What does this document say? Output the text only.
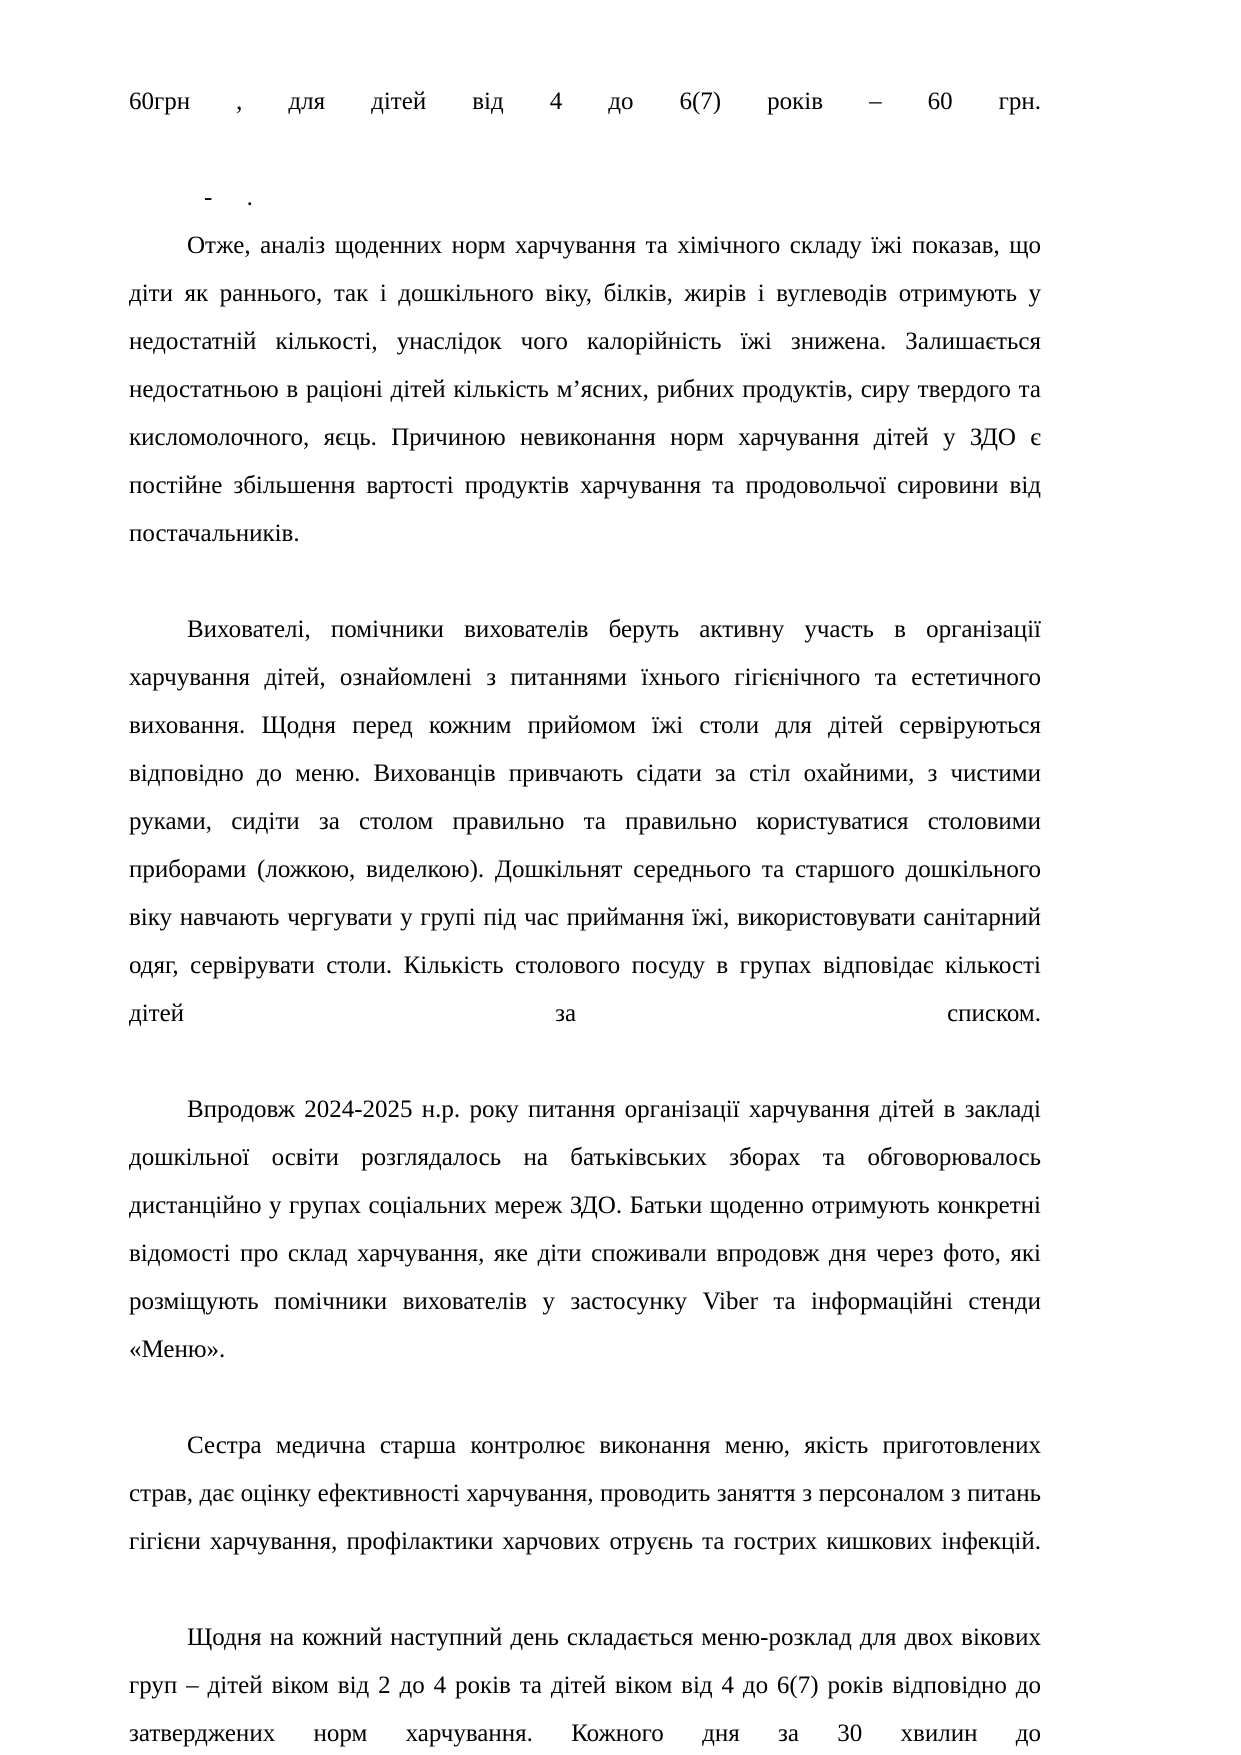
60грн , для дітей від 4 до 6(7) років – 60 грн.

- .

Отже, аналіз щоденних норм харчування та хімічного складу їжі показав, що діти як раннього, так і дошкільного віку, білків, жирів і вуглеводів отримують у недостатній кількості, унаслідок чого калорійність їжі знижена. Залишається недостатньою в раціоні дітей кількість м’ясних, рибних продуктів, сиру твердого та кисломолочного, яєць. Причиною невиконання норм харчування дітей у ЗДО є постійне збільшення вартості продуктів харчування та продовольчої сировини від постачальників.

Вихователі, помічники вихователів беруть активну участь в організації харчування дітей, ознайомлені з питаннями їхнього гігієнічного та естетичного виховання. Щодня перед кожним прийомом їжі столи для дітей сервіруються відповідно до меню. Вихованців привчають сідати за стіл охайними, з чистими руками, сидіти за столом правильно та правильно користуватися столовими приборами (ложкою, виделкою). Дошкільнят середнього та старшого дошкільного віку навчають чергувати у групі під час приймання їжі, використовувати санітарний одяг, сервірувати столи. Кількість столового посуду в групах відповідає кількості дітей за списком.

Впродовж 2024-2025 н.р. року питання організації харчування дітей в закладі дошкільної освіти розглядалось на батьківських зборах та обговорювалось дистанційно у групах соціальних мереж ЗДО. Батьки щоденно отримують конкретні відомості про склад харчування, яке діти споживали впродовж дня через фото, які розміщують помічники вихователів у застосунку Viber та інформаційні стенди «Меню».

Сестра медична старша контролює виконання меню, якість приготовлених страв, дає оцінку ефективності харчування, проводить заняття з персоналом з питань гігієни харчування, профілактики харчових отруєнь та гострих кишкових інфекцій.

Щодня на кожний наступний день складається меню-розклад для двох вікових груп – дітей віком від 2 до 4 років та дітей віком від 4 до 6(7) років відповідно до затверджених норм харчування. Кожного дня за 30 хвилин до
